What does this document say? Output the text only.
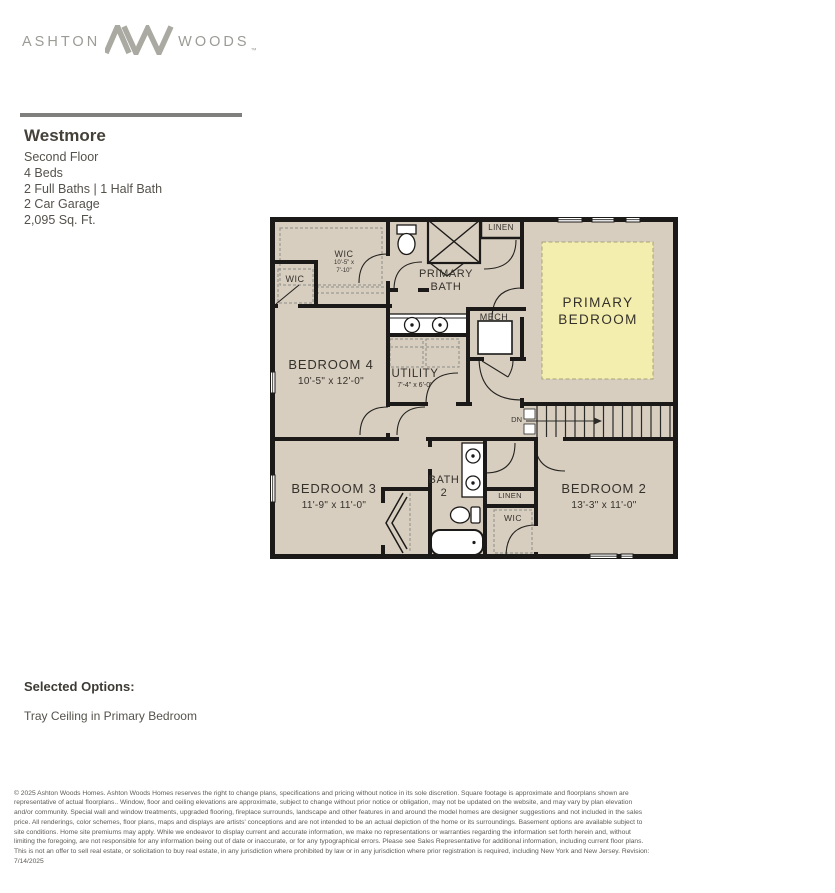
ASHTON	WOODS
™
Westmore
Second Floor
4 Beds
2 Full Baths | 1 Half Bath
2 Car Garage
2,095 Sq. Ft.
WIC
10'-5" x
7'-10"
WIC
LINEN
PRIMARY
BATH
MECH
PRIMARY
BEDROOM
BEDROOM 4
10'-5" x 12'-0"
UTILITY
7'-4" x 6'-0"
DN
BEDROOM 3
11'-9" x 11'-0"
BATH
2	LINEN
WIC
BEDROOM 2
13'-3" x 11'-0"
Selected Options:
Tray Ceiling in Primary Bedroom

© 2025 Ashton Woods Homes. Ashton Woods Homes reserves the right to change plans, specifications and pricing without notice in its sole discretion. Square footage is approximate and floorplans shown are representative of actual floorplans.. Window, floor and ceiling elevations are approximate, subject to change without prior notice or obligation, may not be updated on the website, and may vary by plan elevation and/or community. Special wall and window treatments, upgraded flooring, fireplace surrounds, landscape and other features in and around the model homes are designer suggestions and not included in the sales price. All renderings, color schemes, floor plans, maps and displays are artists' conceptions and are not intended to be an actual depiction of the home or its surroundings. Basement options are available subject to site conditions. Home site premiums may apply. While we endeavor to display current and accurate information, we make no representations or warranties regarding the information set forth herein and, without limiting the foregoing, are not responsible for any information being out of date or inaccurate, or for any typographical errors. Please see Sales Representative for additional information, including current floor plans. This is not an offer to sell real estate, or solicitation to buy real estate, in any jurisdiction where prohibited by law or in any jurisdiction where prior registration is required, including New York and New Jersey. Revision: 7/14/2025
